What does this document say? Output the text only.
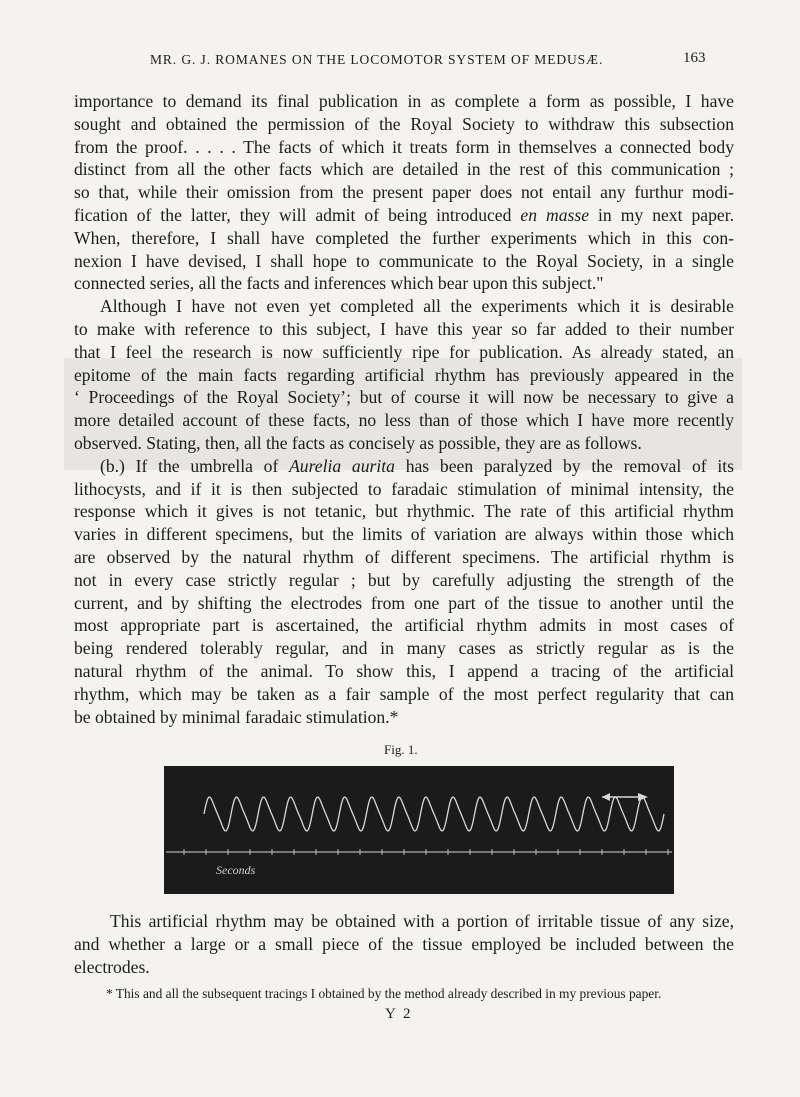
MR. G. J. ROMANES ON THE LOCOMOTOR SYSTEM OF MEDUSÆ.	163
importance to demand its final publication in as complete a form as possible, I have
sought and obtained the permission of the Royal Society to withdraw this subsection
from the proof. . . . . The facts of which it treats form in themselves a connected body
distinct from all the other facts which are detailed in the rest of this communication ;
so that, while their omission from the present paper does not entail any furthur modi-
fication of the latter, they will admit of being introduced en masse in my next paper.
When, therefore, I shall have completed the further experiments which in this con-
nexion I have devised, I shall hope to communicate to the Royal Society, in a single
connected series, all the facts and inferences which bear upon this subject."
Although I have not even yet completed all the experiments which it is desirable
to make with reference to this subject, I have this year so far added to their number
that I feel the research is now sufficiently ripe for publication. As already stated, an
epitome of the main facts regarding artificial rhythm has previously appeared in the
‘ Proceedings of the Royal Society’; but of course it will now be necessary to give a
more detailed account of these facts, no less than of those which I have more recently
observed. Stating, then, all the facts as concisely as possible, they are as follows.
(b.) If the umbrella of Aurelia aurita has been paralyzed by the removal of its
lithocysts, and if it is then subjected to faradaic stimulation of minimal intensity, the
response which it gives is not tetanic, but rhythmic. The rate of this artificial rhythm
varies in different specimens, but the limits of variation are always within those which
are observed by the natural rhythm of different specimens. The artificial rhythm is
not in every case strictly regular ; but by carefully adjusting the strength of the
current, and by shifting the electrodes from one part of the tissue to another until the
most appropriate part is ascertained, the artificial rhythm admits in most cases of
being rendered tolerably regular, and in many cases as strictly regular as is the
natural rhythm of the animal. To show this, I append a tracing of the artificial
rhythm, which may be taken as a fair sample of the most perfect regularity that can
be obtained by minimal faradaic stimulation.*
Fig. 1.
Seconds
This artificial rhythm may be obtained with a portion of irritable tissue of any size,
and whether a large or a small piece of the tissue employed be included between the
electrodes.
* This and all the subsequent tracings I obtained by the method already described in my previous paper.
Y 2
